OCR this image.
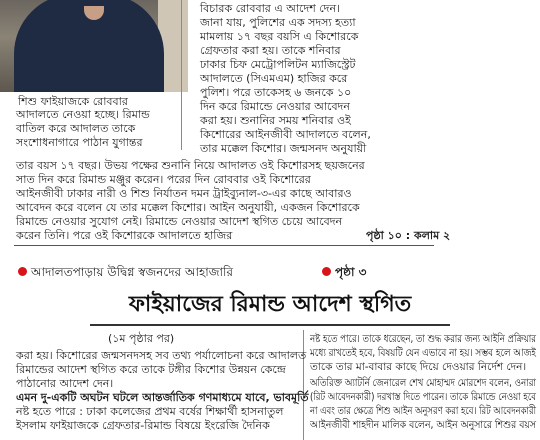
শিশু ফাইয়াজকে রোববার
আদালতে নেওয়া হচ্ছে। রিমান্ড
বাতিল করে আদালত তাকে
সংশোধনাগারে পাঠান যুগান্তর
বিচারক রোববার এ আদেশ দেন।
জানা যায়, পুলিশের এক সদস্য হত্যা
মামলায় ১৭ বছর বয়সি এ কিশোরকে
গ্রেফতার করা হয়। তাকে শনিবার
ঢাকার চিফ মেট্রোপলিটন ম্যাজিস্ট্রেট
আদালতে (সিএমএম) হাজির করে
পুলিশ। পরে তাকেসহ ৬ জনকে ১০
দিন করে রিমান্ডে নেওয়ার আবেদন
করা হয়। শুনানির সময় শনিবার ওই
কিশোরের আইনজীবী আদালতে বলেন,
তার মক্কেল কিশোর। জন্মসনদ অনুযায়ী
তার বয়স ১৭ বছর। উভয় পক্ষের শুনানি নিয়ে আদালত ওই কিশোরসহ ছয়জনের
সাত দিন করে রিমান্ড মঞ্জুর করেন। পরের দিন রোববার ওই কিশোরের
আইনজীবী ঢাকার নারী ও শিশু নির্যাতন দমন ট্রাইব্যুনাল-৩-এর কাছে আবারও
আবেদন করে বলেন যে তার মক্কেল কিশোর। আইন অনুযায়ী, একজন কিশোরকে
রিমান্ডে নেওয়ার সুযোগ নেই। রিমান্ডে নেওয়ার আদেশ স্থগিত চেয়ে আবেদন
করেন তিনি। পরে ওই কিশোরকে আদালতে হাজির	পৃষ্ঠা ১০ : কলাম ২
আদালতপাড়ায় উদ্বিগ্ন স্বজনদের আহাজারি	পৃষ্ঠা ৩
ফাইয়াজের রিমান্ড আদেশ স্থগিত
(১ম পৃষ্ঠার পর)
করা হয়। কিশোরের জন্মসনদসহ সব তথ্য পর্যালোচনা করে আদালত
রিমান্ডের আদেশ স্থগিত করে তাকে টঙ্গীর কিশোর উন্নয়ন কেন্দ্রে
পাঠানোর আদেশ দেন।
এমন দু-একটি অঘটন ঘটলে আন্তর্জাতিক গণমাধ্যমে যাবে, ভাবমূর্তি
নষ্ট হতে পারে : ঢাকা কলেজের প্রথম বর্ষের শিক্ষার্থী হাসনাতুল
ইসলাম ফাইয়াজকে গ্রেফতার-রিমান্ড বিষয়ে ইংরেজি দৈনিক
নষ্ট হতে পারে। তাকে ধরেছেন, তা শুদ্ধ করার জন্য আইনি প্রক্রিয়ার
মধ্যে রাখতেই হবে, বিষয়টি যেন এভাবে না হয়। সম্ভব হলে আজই
তাকে তার মা-বাবার কাছে দিয়ে দেওয়ার নির্দেশ দেন।
অতিরিক্ত অ্যাটর্নি জেনারেল শেখ মোহাম্মদ মোরশেদ বলেন, ওনারা
(রিট আবেদনকারী) দরখাস্ত দিতে পারেন। তাকে রিমান্ডে নেওয়া হবে
না এবং তার ক্ষেত্রে শিশু আইন অনুসরণ করা হবে। রিট আবেদনকারী
আইনজীবী শাহদীন মালিক বলেন, আইন অনুসারে শিশুর বয়স
